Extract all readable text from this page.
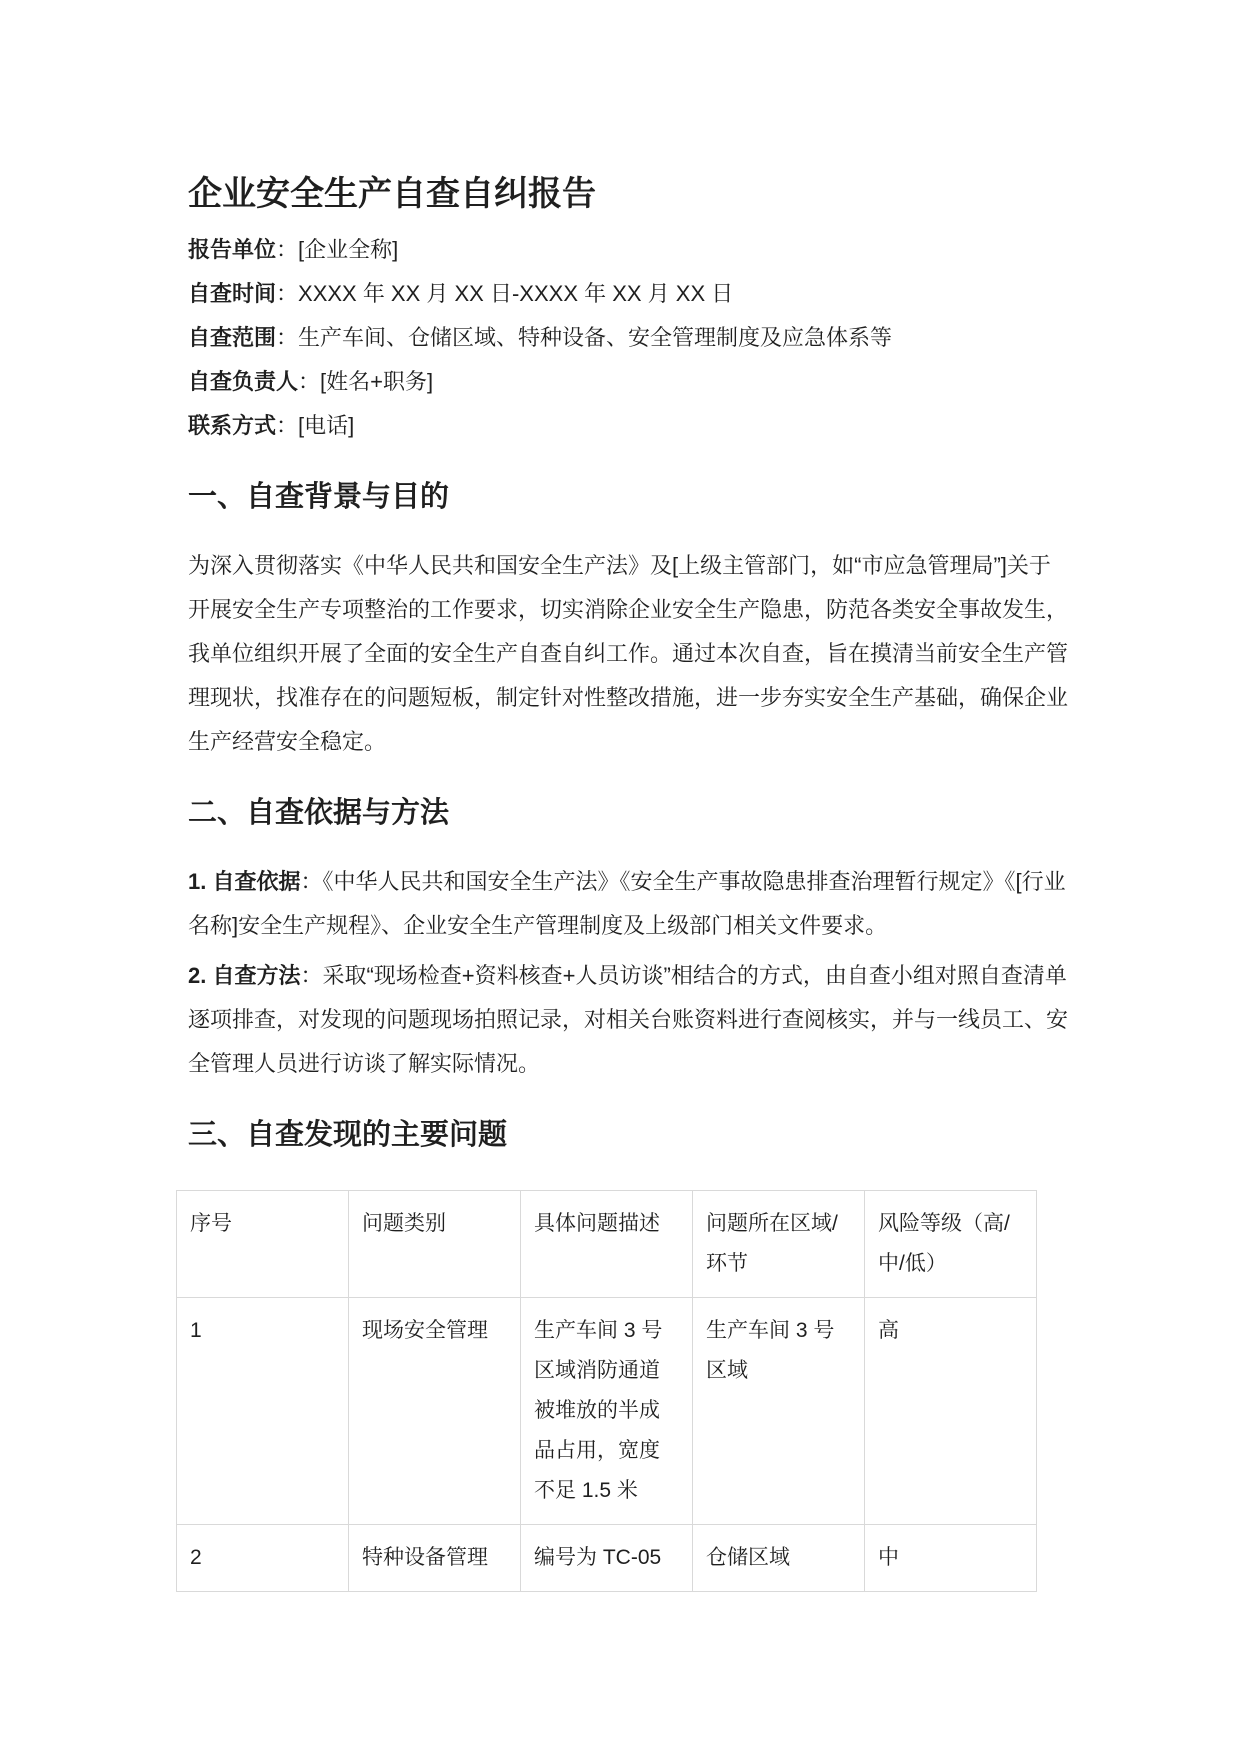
企业安全生产自查自纠报告

报告单位：[企业全称]

自查时间：XXXX 年 XX 月 XX 日-XXXX 年 XX 月 XX 日

自查范围：生产车间、仓储区域、特种设备、安全管理制度及应急体系等

自查负责人：[姓名+职务]

联系方式：[电话]

一、自查背景与目的

为深入贯彻落实《中华人民共和国安全生产法》及[上级主管部门，如“市应急管理局”]关于开展安全生产专项整治的工作要求，切实消除企业安全生产隐患，防范各类安全事故发生，我单位组织开展了全面的安全生产自查自纠工作。通过本次自查，旨在摸清当前安全生产管理现状，找准存在的问题短板，制定针对性整改措施，进一步夯实安全生产基础，确保企业生产经营安全稳定。

二、自查依据与方法

1. 自查依据：《中华人民共和国安全生产法》《安全生产事故隐患排查治理暂行规定》《[行业名称]安全生产规程》、企业安全生产管理制度及上级部门相关文件要求。

2. 自查方法：采取“现场检查+资料核查+人员访谈”相结合的方式，由自查小组对照自查清单逐项排查，对发现的问题现场拍照记录，对相关台账资料进行查阅核实，并与一线员工、安全管理人员进行访谈了解实际情况。

三、自查发现的主要问题
序号	问题类别	具体问题描述	问题所在区域/环节	风险等级（高/中/低）
1	现场安全管理	生产车间 3 号区域消防通道被堆放的半成品占用，宽度不足 1.5 米	生产车间 3 号区域	高
2	特种设备管理	编号为 TC-05	仓储区域	中
